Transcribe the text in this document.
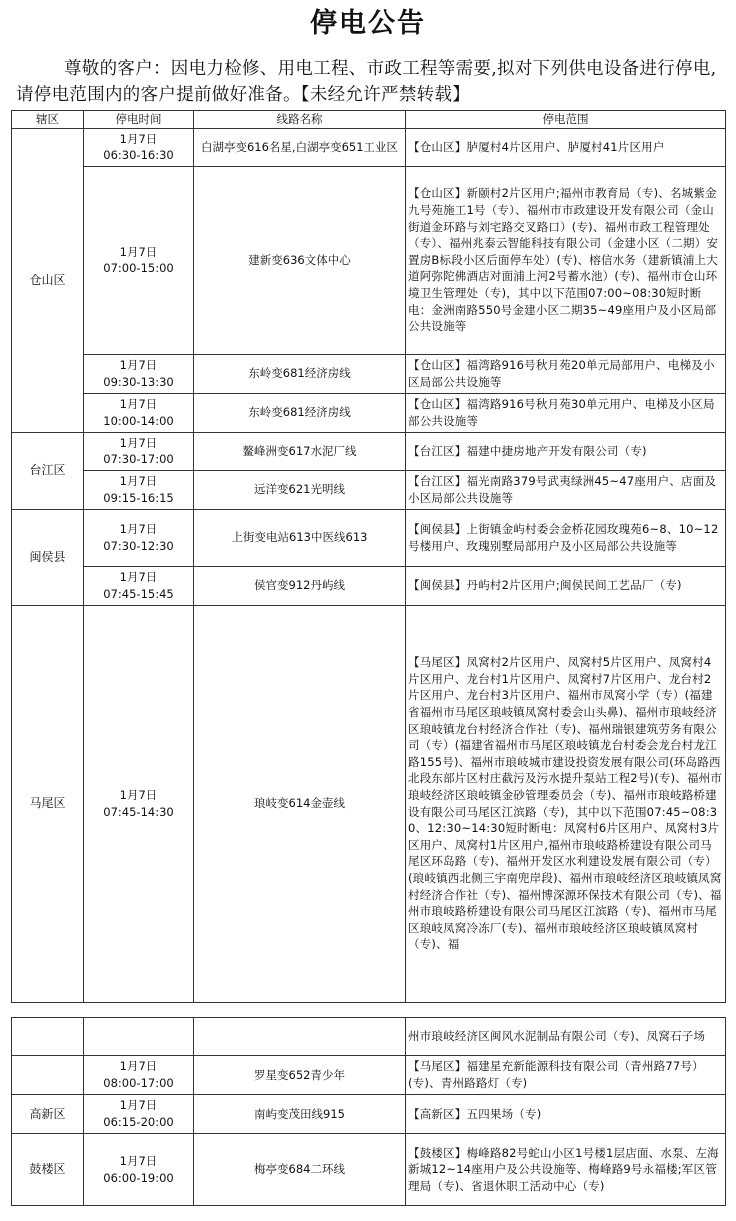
停电公告
尊敬的客户：因电力检修、用电工程、市政工程等需要,拟对下列供电设备进行停电,请停电范围内的客户提前做好准备。【未经允许严禁转载】
辖区	停电时间	线路名称	停电范围
仓山区	1月7日
06:30-16:30	白湖亭变616名星,白湖亭变651工业区	【仓山区】胪厦村4片区用户、胪厦村41片区用户

	1月7日
07:00-15:00	建新变636文体中心	【仓山区】新颐村2片区用户;福州市教育局（专)、名城紫金九号苑施工1号（专）、福州市市政建设开发有限公司（金山街道金环路与刘宅路交叉路口）(专)、福州市政工程管理处（专）、福州兆泰云智能科技有限公司（金建小区（二期）安置房B标段小区后面停车处）(专)、榕信水务（建新镇浦上大道阿弥陀佛酒店对面浦上河2号蓄水池）(专)、福州市仓山环境卫生管理处（专)，其中以下范围07:00~08:30短时断电：金洲南路550号金建小区二期35~49座用户及小区局部公共设施等

	1月7日
09:30-13:30	东岭变681经济房线	【仓山区】福湾路916号秋月苑20单元局部用户、电梯及小区局部公共设施等

	1月7日
10:00-14:00	东岭变681经济房线	【仓山区】福湾路916号秋月苑30单元用户、电梯及小区局部公共设施等
台江区	1月7日
07:30-17:00	鳌峰洲变617水泥厂线	【台江区】福建中捷房地产开发有限公司（专)

	1月7日
09:15-16:15	远洋变621光明线	【台江区】福光南路379号武夷绿洲45~47座用户、店面及小区局部公共设施等
闽侯县	1月7日
07:30-12:30	上街变电站613中医线613	【闽侯县】上街镇金屿村委会金桥花园玫瑰苑6~8、10~12号楼用户、玫瑰别墅局部用户及小区局部公共设施等

	1月7日
07:45-15:45	侯官变912丹屿线	【闽侯县】丹屿村2片区用户;闽侯民间工艺品厂（专)
马尾区	1月7日
07:45-14:30	琅岐变614金壶线	【马尾区】凤窝村2片区用户、凤窝村5片区用户、凤窝村4片区用户、龙台村1片区用户、凤窝村7片区用户、龙台村2片区用户、龙台村3片区用户、福州市凤窝小学（专）(福建省福州市马尾区琅岐镇凤窝村委会山头鼻)、福州市琅岐经济区琅岐镇龙台村经济合作社（专)、福州瑞银建筑劳务有限公司（专）(福建省福州市马尾区琅岐镇龙台村委会龙台村龙江路155号)、福州市琅岐城市建设投资发展有限公司(环岛路西北段东部片区村庄截污及污水提升泵站工程2号)(专)、福州市琅岐经济区琅岐镇金砂管理委员会（专)、福州市琅岐路桥建设有限公司马尾区江滨路（专)，其中以下范围07:45~08:30、12:30~14:30短时断电：凤窝村6片区用户、凤窝村3片区用户、凤窝村1片区用户,福州市琅岐路桥建设有限公司马尾区环岛路（专)、福州开发区水利建设发展有限公司（专）(琅岐镇西北侧三宇南兜岸段)、福州市琅岐经济区琅岐镇凤窝村经济合作社（专)、福州博深源环保技术有限公司（专)、福州市琅岐路桥建设有限公司马尾区江滨路（专)、福州市马尾区琅岐凤窝冷冻厂(专)、福州市琅岐经济区琅岐镇凤窝村（专)、福
			州市琅岐经济区闽风水泥制品有限公司（专)、凤窝石子场

	1月7日
08:00-17:00	罗星变652青少年	【马尾区】福建星充新能源科技有限公司（青州路77号）(专)、青州路路灯（专)
高新区	1月7日
06:15-20:00	南屿变茂田线915	【高新区】五四果场（专)
鼓楼区	1月7日
06:00-19:00	梅亭变684二环线	【鼓楼区】梅峰路82号蛇山小区1号楼1层店面、水泵、左海新城12~14座用户及公共设施等、梅峰路9号永福楼;军区管理局（专)、省退休职工活动中心（专)
